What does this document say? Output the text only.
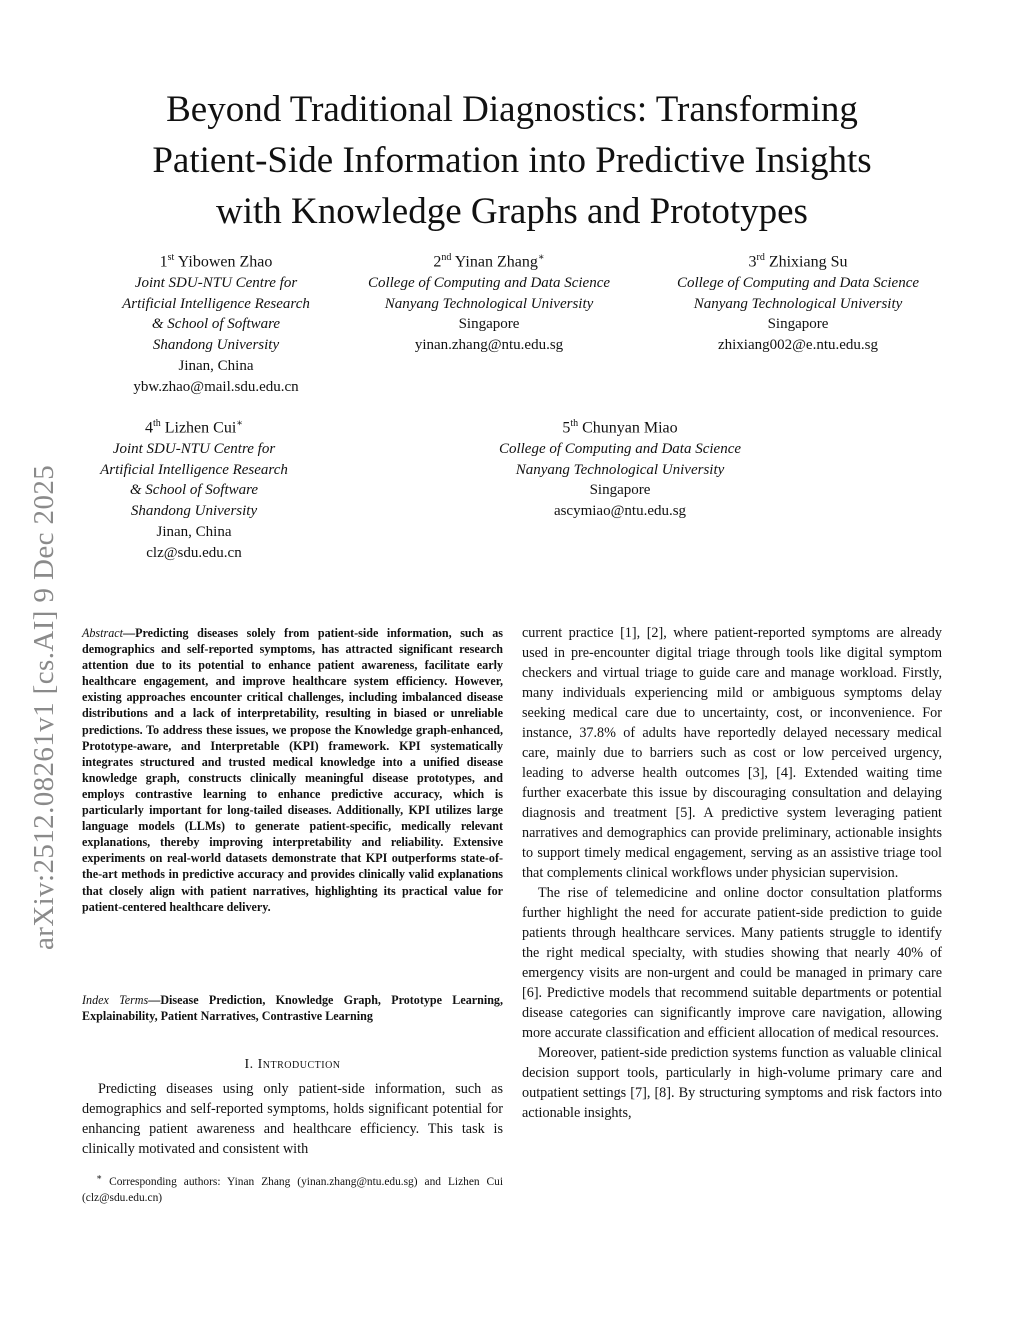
Beyond Traditional Diagnostics: Transforming
Patient-Side Information into Predictive Insights
with Knowledge Graphs and Prototypes
1st Yibowen Zhao
Joint SDU-NTU Centre for
Artificial Intelligence Research
& School of Software
Shandong University
Jinan, China
ybw.zhao@mail.sdu.edu.cn
2nd Yinan Zhang∗
College of Computing and Data Science
Nanyang Technological University
Singapore
yinan.zhang@ntu.edu.sg
3rd Zhixiang Su
College of Computing and Data Science
Nanyang Technological University
Singapore
zhixiang002@e.ntu.edu.sg
4th Lizhen Cui∗
Joint SDU-NTU Centre for
Artificial Intelligence Research
& School of Software
Shandong University
Jinan, China
clz@sdu.edu.cn
5th Chunyan Miao
College of Computing and Data Science
Nanyang Technological University
Singapore
ascymiao@ntu.edu.sg
arXiv:2512.08261v1 [cs.AI] 9 Dec 2025 Abstract—Predicting diseases solely from patient-side information, such as demographics and self-reported symptoms, has attracted significant research attention due to its potential to enhance patient awareness, facilitate early healthcare engagement, and improve healthcare system efficiency. However, existing approaches encounter critical challenges, including imbalanced disease distributions and a lack of interpretability, resulting in biased or unreliable predictions. To address these issues, we propose the Knowledge graph-enhanced, Prototype-aware, and Interpretable (KPI) framework. KPI systematically integrates structured and trusted medical knowledge into a unified disease knowledge graph, constructs clinically meaningful disease prototypes, and employs contrastive learning to enhance predictive accuracy, which is particularly important for long-tailed diseases. Additionally, KPI utilizes large language models (LLMs) to generate patient-specific, medically relevant explanations, thereby improving interpretability and reliability. Extensive experiments on real-world datasets demonstrate that KPI outperforms state-of-the-art methods in predictive accuracy and provides clinically valid explanations that closely align with patient narratives, highlighting its practical value for patient-centered healthcare delivery.
Index Terms—Disease Prediction, Knowledge Graph, Prototype Learning, Explainability, Patient Narratives, Contrastive Learning
I. Introduction

Predicting diseases using only patient-side information, such as demographics and self-reported symptoms, holds significant potential for enhancing patient awareness and healthcare efficiency. This task is clinically motivated and consistent with

∗ Corresponding authors: Yinan Zhang (yinan.zhang@ntu.edu.sg) and Lizhen Cui (clz@sdu.edu.cn)

current practice [1], [2], where patient-reported symptoms are already used in pre-encounter digital triage through tools like digital symptom checkers and virtual triage to guide care and manage workload. Firstly, many individuals experiencing mild or ambiguous symptoms delay seeking medical care due to uncertainty, cost, or inconvenience. For instance, 37.8% of adults have reportedly delayed necessary medical care, mainly due to barriers such as cost or low perceived urgency, leading to adverse health outcomes [3], [4]. Extended waiting time further exacerbate this issue by discouraging consultation and delaying diagnosis and treatment [5]. A predictive system leveraging patient narratives and demographics can provide preliminary, actionable insights to support timely medical engagement, serving as an assistive triage tool that complements clinical workflows under physician supervision.

The rise of telemedicine and online doctor consultation platforms further highlight the need for accurate patient-side prediction to guide patients through healthcare services. Many patients struggle to identify the right medical specialty, with studies showing that nearly 40% of emergency visits are non-urgent and could be managed in primary care [6]. Predictive models that recommend suitable departments or potential disease categories can significantly improve care navigation, allowing more accurate classification and efficient allocation of medical resources.

Moreover, patient-side prediction systems function as valuable clinical decision support tools, particularly in high-volume primary care and outpatient settings [7], [8]. By structuring symptoms and risk factors into actionable insights,
